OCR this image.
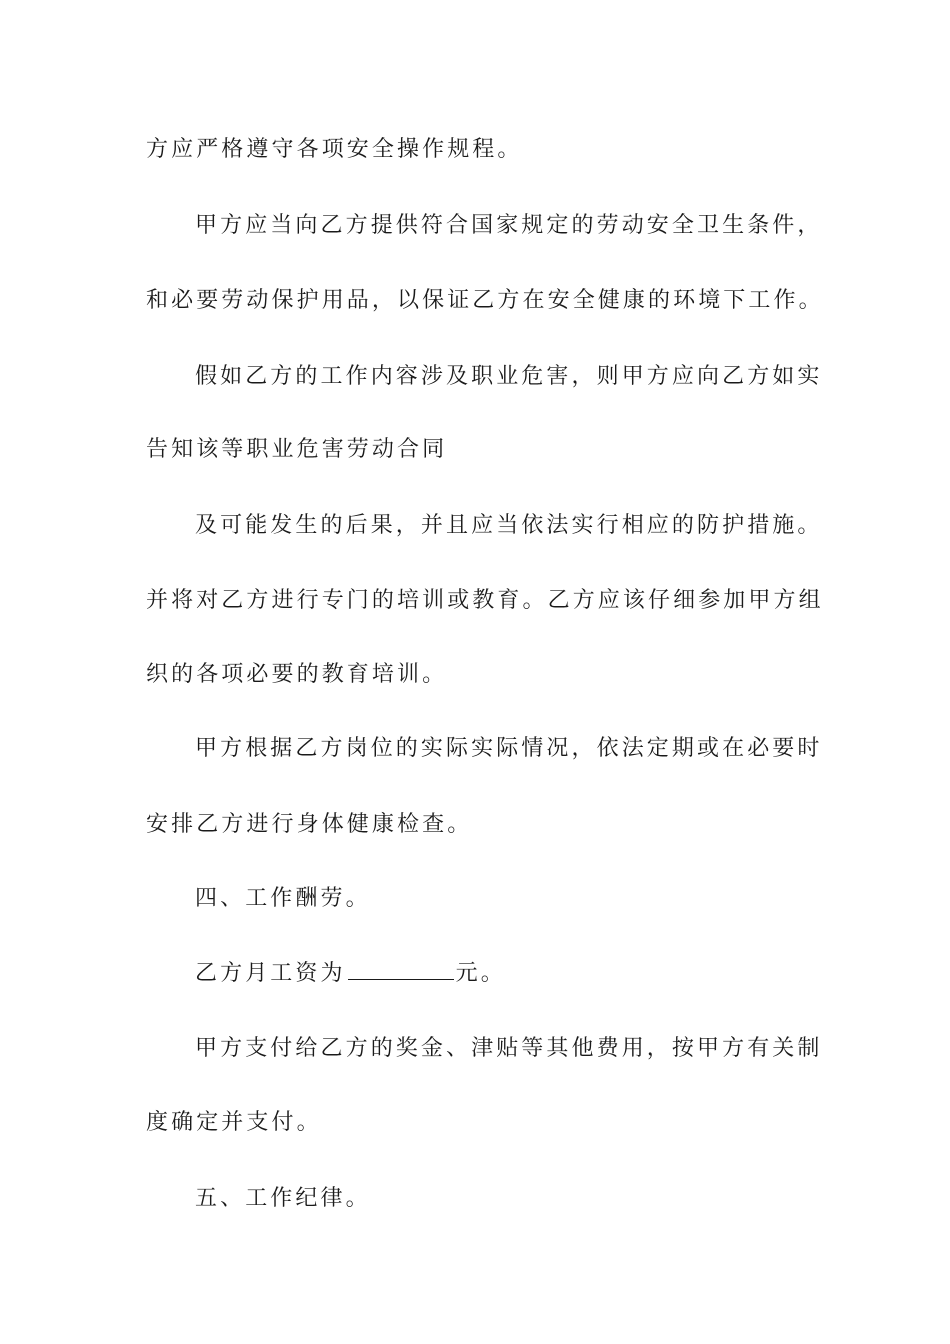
方应严格遵守各项安全操作规程。
甲方应当向乙方提供符合国家规定的劳动安全卫生条件，
和必要劳动保护用品，以保证乙方在安全健康的环境下工作。
假如乙方的工作内容涉及职业危害，则甲方应向乙方如实
告知该等职业危害劳动合同
及可能发生的后果，并且应当依法实行相应的防护措施。
并将对乙方进行专门的培训或教育。乙方应该仔细参加甲方组
织的各项必要的教育培训。
甲方根据乙方岗位的实际实际情况，依法定期或在必要时
安排乙方进行身体健康检查。
四、工作酬劳。
乙方月工资为	元。
甲方支付给乙方的奖金、津贴等其他费用，按甲方有关制
度确定并支付。
五、工作纪律。
